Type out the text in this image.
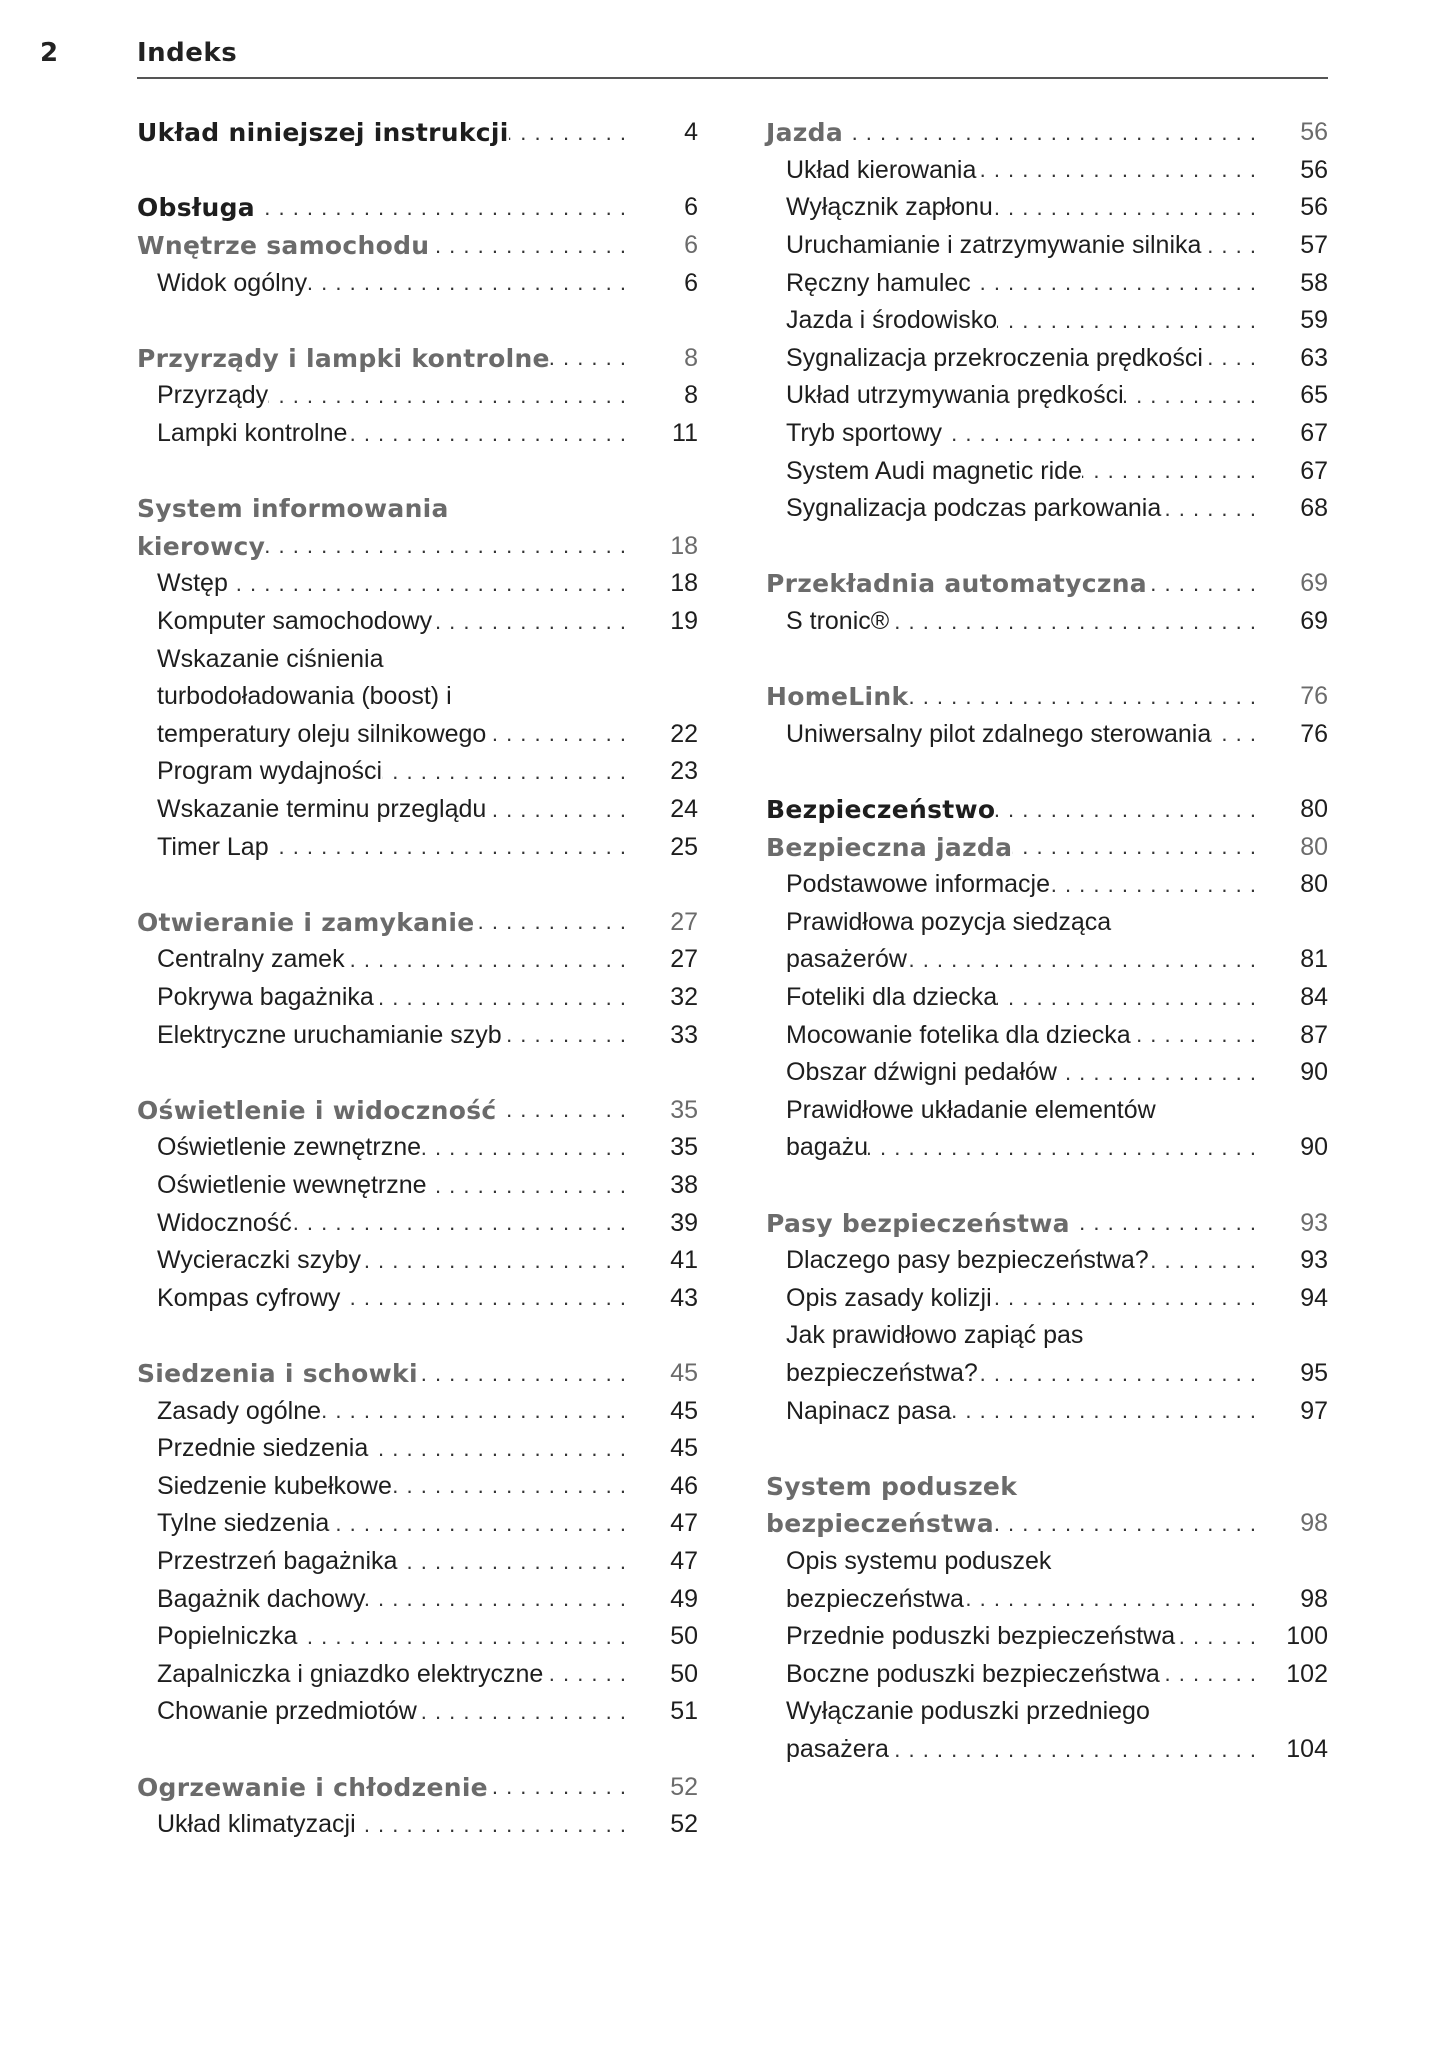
2	Indeks
Układ niniejszej instrukcji . . .	4
Obsługa . . .	6
Wnętrze samochodu . . .	6
Widok ogólny . . .	6
Przyrządy i lampki kontrolne . . .	8
Przyrządy . . .	8
Lampki kontrolne . . .	11
System informowania
kierowcy . . .	18
Wstęp . . .	18
Komputer samochodowy . . .	19
Wskazanie ciśnienia
turbodoładowania (boost) i
temperatury oleju silnikowego . . .	22
Program wydajności . . .	23
Wskazanie terminu przeglądu . . .	24
Timer Lap . . .	25
Otwieranie i zamykanie . . .	27
Centralny zamek . . .	27
Pokrywa bagażnika . . .	32
Elektryczne uruchamianie szyb . . .	33
Oświetlenie i widoczność . . .	35
Oświetlenie zewnętrzne . . .	35
Oświetlenie wewnętrzne . . .	38
Widoczność . . .	39
Wycieraczki szyby . . .	41
Kompas cyfrowy . . .	43
Siedzenia i schowki . . .	45
Zasady ogólne . . .	45
Przednie siedzenia . . .	45
Siedzenie kubełkowe . . .	46
Tylne siedzenia . . .	47
Przestrzeń bagażnika . . .	47
Bagażnik dachowy . . .	49
Popielniczka . . .	50
Zapalniczka i gniazdko elektryczne . . .	50
Chowanie przedmiotów . . .	51
Ogrzewanie i chłodzenie . . .	52
Układ klimatyzacji . . .	52
Jazda . . .	56
Układ kierowania . . .	56
Wyłącznik zapłonu . . .	56
Uruchamianie i zatrzymywanie silnika . . .	57
Ręczny hamulec . . .	58
Jazda i środowisko . . .	59
Sygnalizacja przekroczenia prędkości . . .	63
Układ utrzymywania prędkości . . .	65
Tryb sportowy . . .	67
System Audi magnetic ride . . .	67
Sygnalizacja podczas parkowania . . .	68
Przekładnia automatyczna . . .	69
S tronic® . . .	69
HomeLink . . .	76
Uniwersalny pilot zdalnego sterowania . . .	76
Bezpieczeństwo . . .	80
Bezpieczna jazda . . .	80
Podstawowe informacje . . .	80
Prawidłowa pozycja siedząca
pasażerów . . .	81
Foteliki dla dziecka . . .	84
Mocowanie fotelika dla dziecka . . .	87
Obszar dźwigni pedałów . . .	90
Prawidłowe układanie elementów
bagażu . . .	90
Pasy bezpieczeństwa . . .	93
Dlaczego pasy bezpieczeństwa? . . .	93
Opis zasady kolizji . . .	94
Jak prawidłowo zapiąć pas
bezpieczeństwa? . . .	95
Napinacz pasa . . .	97
System poduszek
bezpieczeństwa . . .	98
Opis systemu poduszek
bezpieczeństwa . . .	98
Przednie poduszki bezpieczeństwa . . .	100
Boczne poduszki bezpieczeństwa . . .	102
Wyłączanie poduszki przedniego
pasażera . . .	104
